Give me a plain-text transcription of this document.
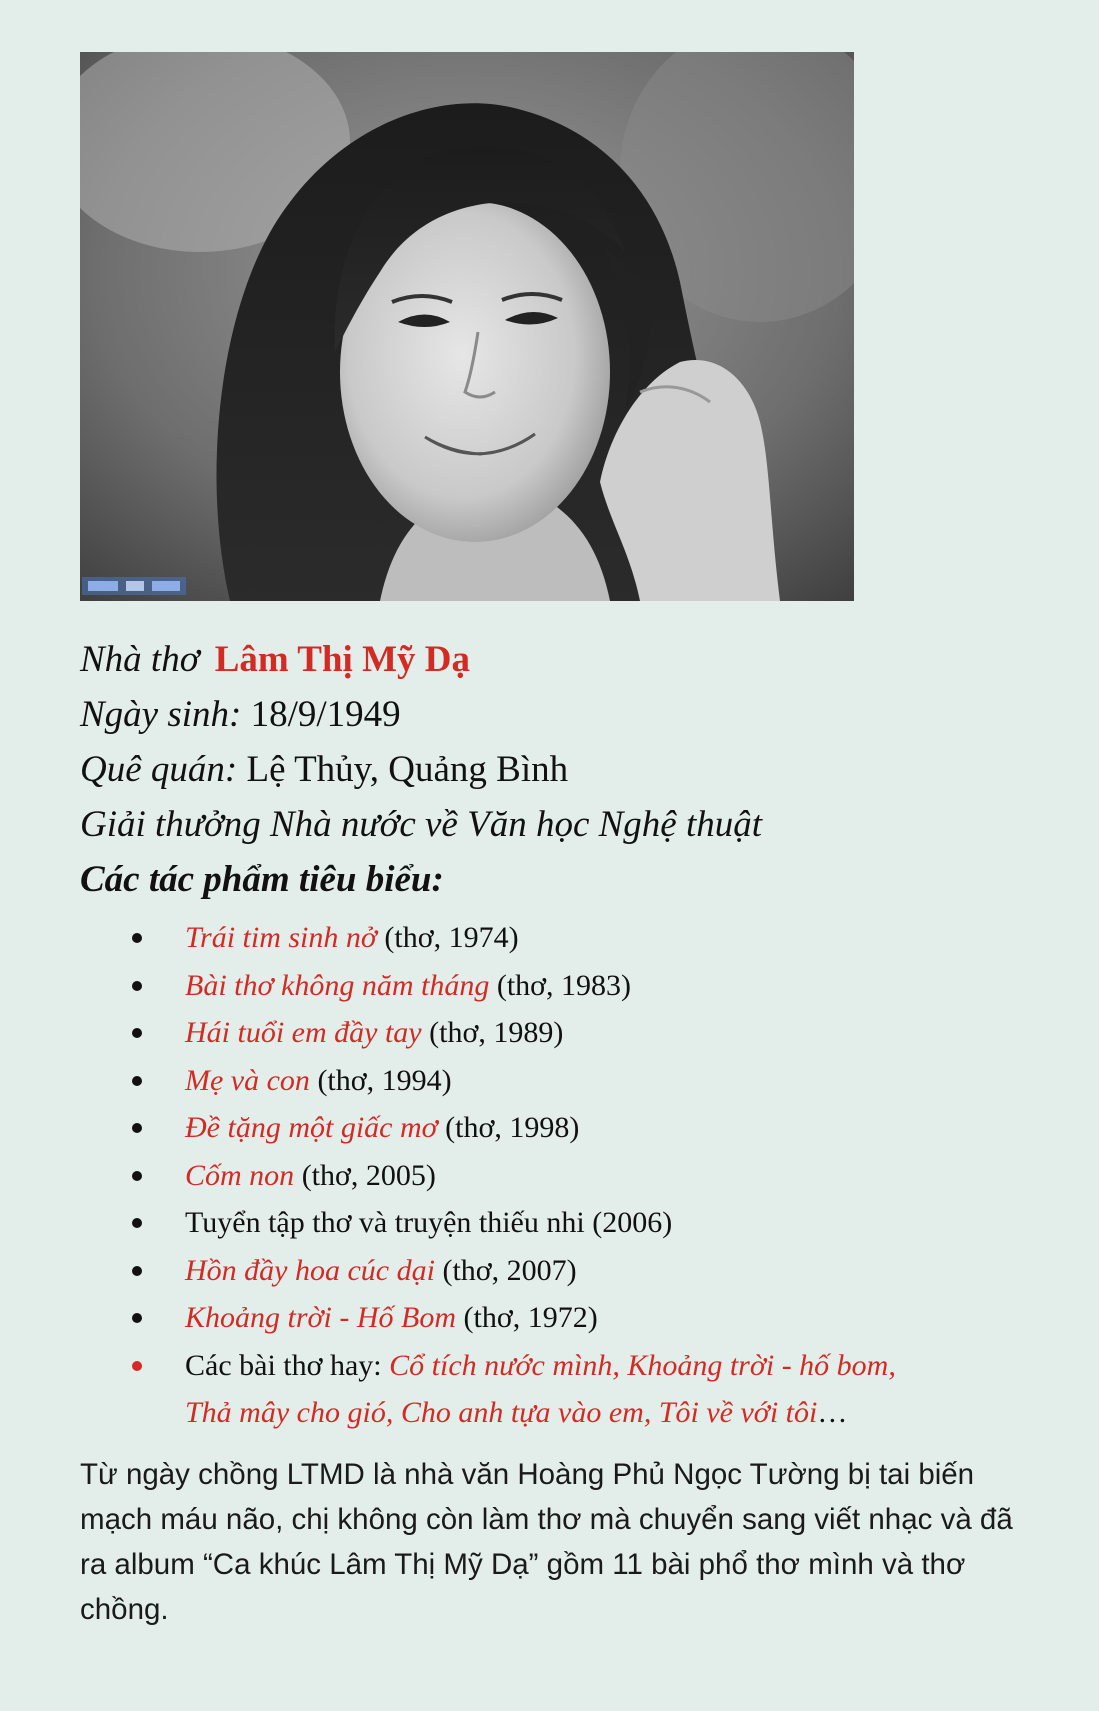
Nhà thơ Lâm Thị Mỹ Dạ
Ngày sinh: 18/9/1949
Quê quán: Lệ Thủy, Quảng Bình
Giải thưởng Nhà nước về Văn học Nghệ thuật
Các tác phẩm tiêu biểu:
Trái tim sinh nở (thơ, 1974)
Bài thơ không năm tháng (thơ, 1983)
Hái tuổi em đầy tay (thơ, 1989)
Mẹ và con (thơ, 1994)
Đề tặng một giấc mơ (thơ, 1998)
Cốm non (thơ, 2005)
Tuyển tập thơ và truyện thiếu nhi (2006)
Hồn đầy hoa cúc dại (thơ, 2007)
Khoảng trời - Hố Bom (thơ, 1972)
Các bài thơ hay: Cổ tích nước mình, Khoảng trời - hố bom,
Thả mây cho gió, Cho anh tựa vào em, Tôi về với tôi…
Từ ngày chồng LTMD là nhà văn Hoàng Phủ Ngọc Tường bị tai biến mạch máu não, chị không còn làm thơ mà chuyển sang viết nhạc và đã ra album “Ca khúc Lâm Thị Mỹ Dạ” gồm 11 bài phổ thơ mình và thơ chồng.
